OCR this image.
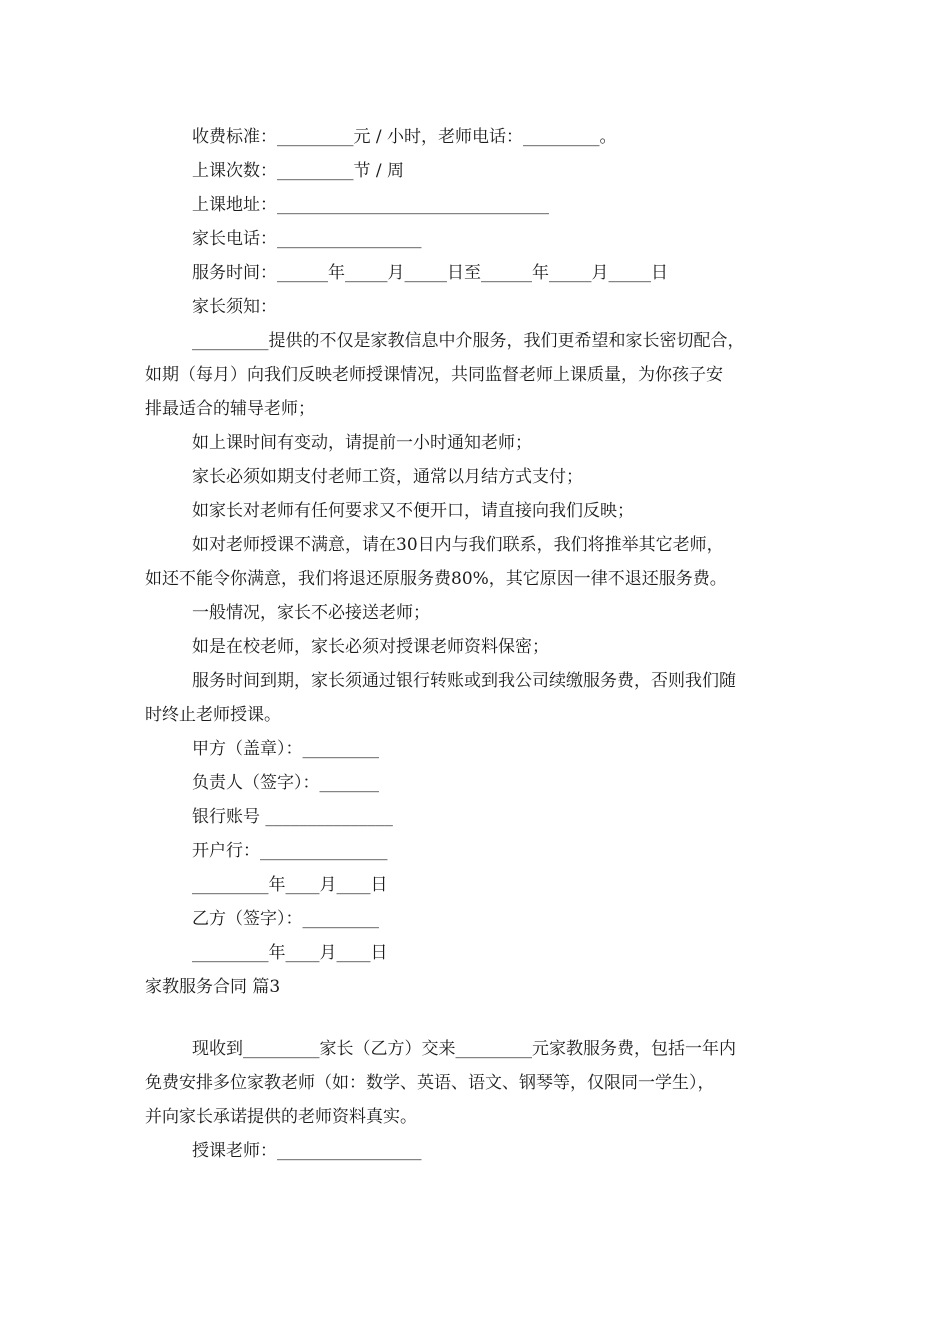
收费标准：_________元 / 小时，老师电话：_________。
上课次数：_________节 / 周
上课地址：________________________________
家长电话：_________________
服务时间：______年_____月_____日至______年_____月_____日
家长须知：
_________提供的不仅是家教信息中介服务，我们更希望和家长密切配合，
如期（每月）向我们反映老师授课情况，共同监督老师上课质量，为你孩子安
排最适合的辅导老师；
如上课时间有变动，请提前一小时通知老师；
家长必须如期支付老师工资，通常以月结方式支付；
如家长对老师有任何要求又不便开口，请直接向我们反映；
如对老师授课不满意，请在30日内与我们联系，我们将推举其它老师，
如还不能令你满意，我们将退还原服务费80%，其它原因一律不退还服务费。
一般情况，家长不必接送老师；
如是在校老师，家长必须对授课老师资料保密；
服务时间到期，家长须通过银行转账或到我公司续缴服务费，否则我们随
时终止老师授课。
甲方（盖章）：_________
负责人（签字）：_______
银行账号 _______________
开户行：_______________
_________年____月____日
乙方（签字）：_________
_________年____月____日
家教服务合同 篇3
现收到_________家长（乙方）交来_________元家教服务费，包括一年内
免费安排多位家教老师（如：数学、英语、语文、钢琴等，仅限同一学生），
并向家长承诺提供的老师资料真实。
授课老师：_________________
